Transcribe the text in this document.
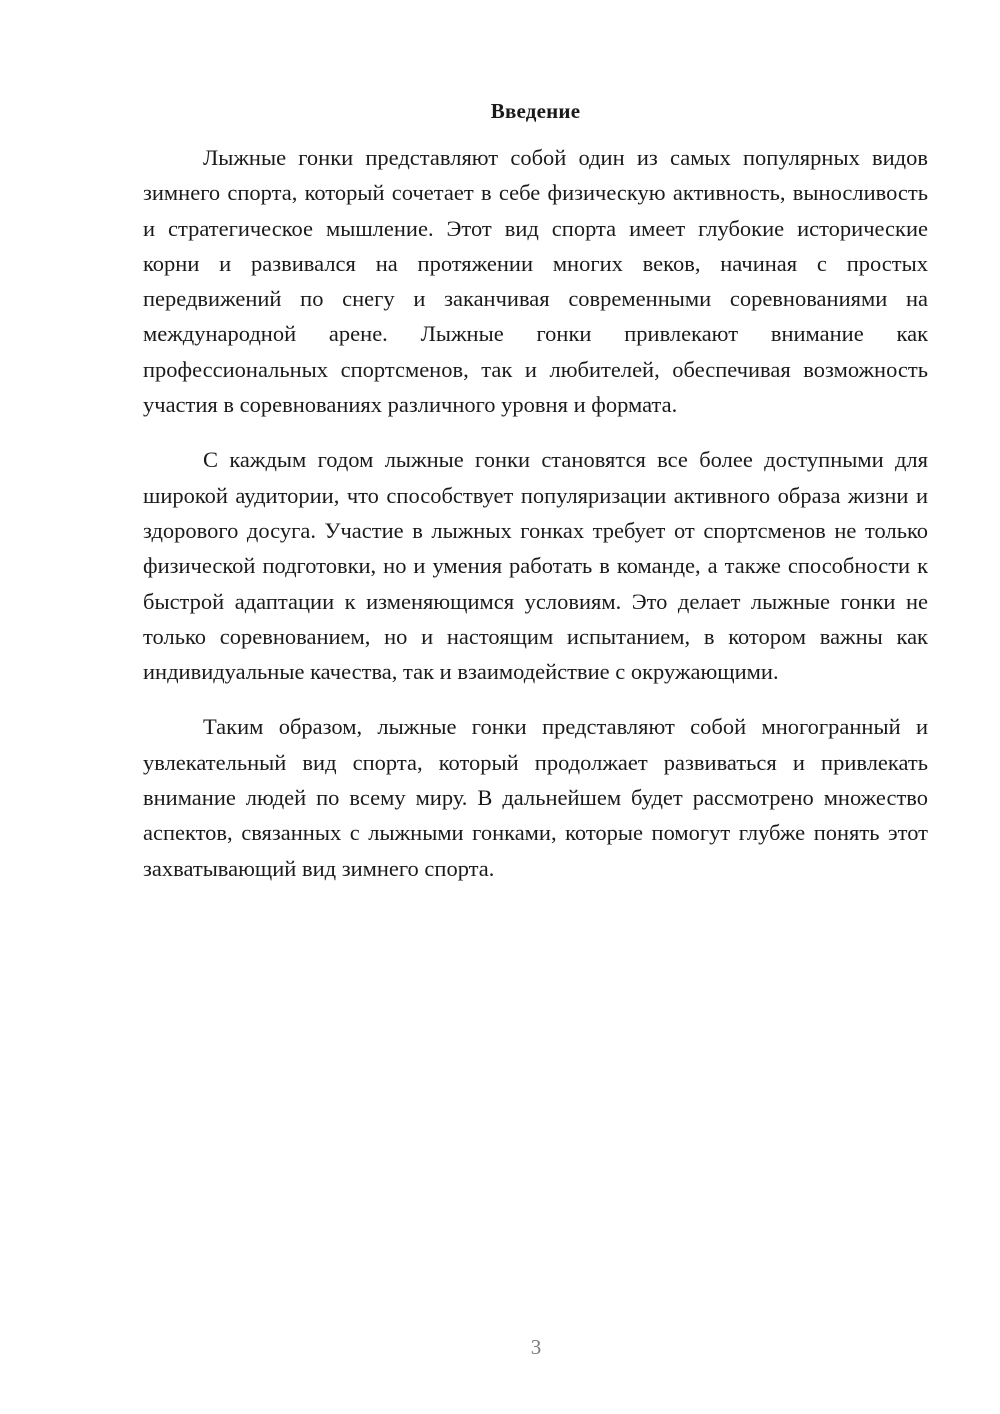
Введение

Лыжные гонки представляют собой один из самых популярных видов зимнего спорта, который сочетает в себе физическую активность, выносливость и стратегическое мышление. Этот вид спорта имеет глубокие исторические корни и развивался на протяжении многих веков, начиная с простых передвижений по снегу и заканчивая современными соревнованиями на международной арене. Лыжные гонки привлекают внимание как профессиональных спортсменов, так и любителей, обеспечивая возможность участия в соревнованиях различного уровня и формата.

С каждым годом лыжные гонки становятся все более доступными для широкой аудитории, что способствует популяризации активного образа жизни и здорового досуга. Участие в лыжных гонках требует от спортсменов не только физической подготовки, но и умения работать в команде, а также способности к быстрой адаптации к изменяющимся условиям. Это делает лыжные гонки не только соревнованием, но и настоящим испытанием, в котором важны как индивидуальные качества, так и взаимодействие с окружающими.

Таким образом, лыжные гонки представляют собой многогранный и увлекательный вид спорта, который продолжает развиваться и привлекать внимание людей по всему миру. В дальнейшем будет рассмотрено множество аспектов, связанных с лыжными гонками, которые помогут глубже понять этот захватывающий вид зимнего спорта.

3
